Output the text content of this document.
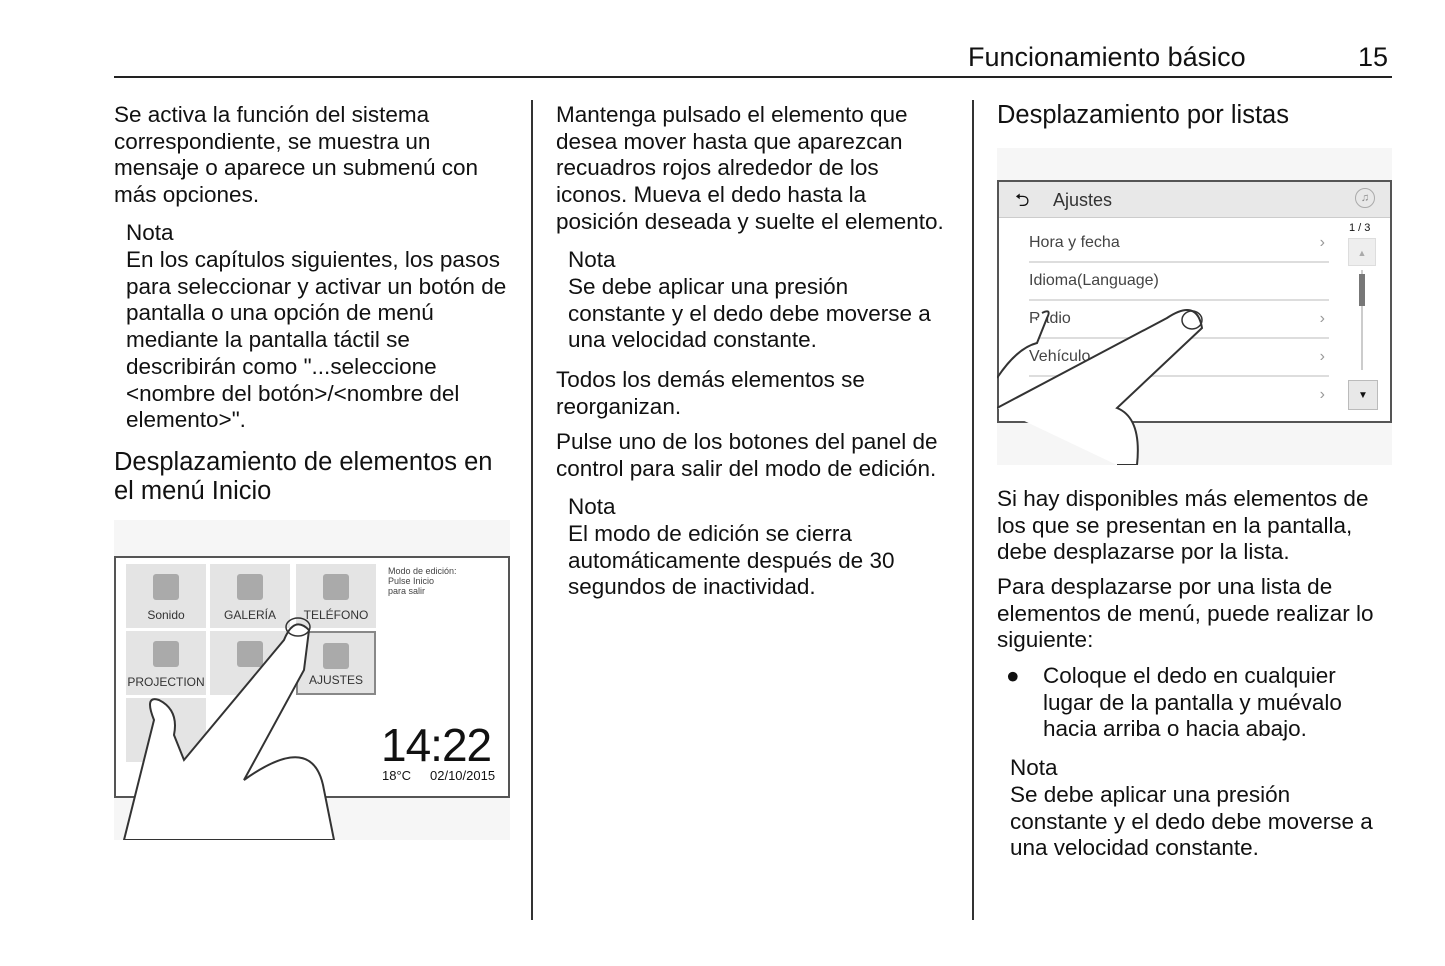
Funcionamiento básico	15
Se activa la función del sistema correspondiente, se muestra un mensaje o aparece un submenú con más opciones.
Nota
En los capítulos siguientes, los pasos para seleccionar y activar un botón de pantalla o una opción de menú mediante la pantalla táctil se describirán como "...seleccione <nombre del botón>/<nombre del elemento>".
Desplazamiento de elementos en el menú Inicio
Sonido	GALERÍA	TELÉFONO
PROJECTION	AJUSTES
Modo de edición:
Pulse Inicio
para salir
14:22
18°C 02/10/2015
Mantenga pulsado el elemento que desea mover hasta que aparezcan recuadros rojos alrededor de los iconos. Mueva el dedo hasta la posición deseada y suelte el elemento.
Nota
Se debe aplicar una presión constante y el dedo debe moverse a una velocidad constante.
Todos los demás elementos se reorganizan.
Pulse uno de los botones del panel de control para salir del modo de edición.
Nota
El modo de edición se cierra automáticamente después de 30 segundos de inactividad.
Desplazamiento por listas
⮌ Ajustes	♫
Hora y fecha	›
Idioma(Language)
Radio	›
Vehículo	›
›
1 / 3
▲
▼
Si hay disponibles más elementos de los que se presentan en la pantalla, debe desplazarse por la lista.
Para desplazarse por una lista de elementos de menú, puede realizar lo siguiente:
● Coloque el dedo en cualquier lugar de la pantalla y muévalo hacia arriba o hacia abajo.
Nota
Se debe aplicar una presión constante y el dedo debe moverse a una velocidad constante.
